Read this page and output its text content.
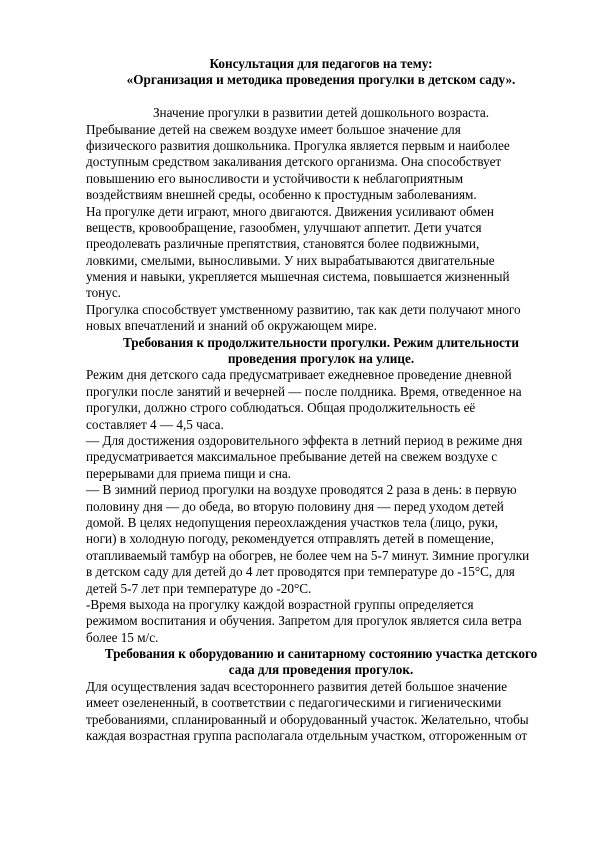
Консультация для педагогов на тему:
«Организация и методика проведения прогулки в детском саду».
Значение прогулки в развитии детей дошкольного возраста.
Пребывание детей на свежем воздухе имеет большое значение для
физического развития дошкольника. Прогулка является первым и наиболее
доступным средством закаливания детского организма. Она способствует
повышению его выносливости и устойчивости к неблагоприятным
воздействиям внешней среды, особенно к простудным заболеваниям.
На прогулке дети играют, много двигаются. Движения усиливают обмен
веществ, кровообращение, газообмен, улучшают аппетит. Дети учатся
преодолевать различные препятствия, становятся более подвижными,
ловкими, смелыми, выносливыми. У них вырабатываются двигательные
умения и навыки, укрепляется мышечная система, повышается жизненный
тонус.
Прогулка способствует умственному развитию, так как дети получают много
новых впечатлений и знаний об окружающем мире.
Требования к продолжительности прогулки. Режим длительности
проведения прогулок на улице.
Режим дня детского сада предусматривает ежедневное проведение дневной
прогулки после занятий и вечерней — после полдника. Время, отведенное на
прогулки, должно строго соблюдаться. Общая продолжительность её
составляет 4 — 4,5 часа.
— Для достижения оздоровительного эффекта в летний период в режиме дня
предусматривается максимальное пребывание детей на свежем воздухе с
перерывами для приема пищи и сна.
— В зимний период прогулки на воздухе проводятся 2 раза в день: в первую
половину дня — до обеда, во вторую половину дня — перед уходом детей
домой. В целях недопущения переохлаждения участков тела (лицо, руки,
ноги) в холодную погоду, рекомендуется отправлять детей в помещение,
отапливаемый тамбур на обогрев, не более чем на 5-7 минут. Зимние прогулки
в детском саду для детей до 4 лет проводятся при температуре до -15°C, для
детей 5-7 лет при температуре до -20°C.
-Время выхода на прогулку каждой возрастной группы определяется
режимом воспитания и обучения. Запретом для прогулок является сила ветра
более 15 м/с.
Требования к оборудованию и санитарному состоянию участка детского
сада для проведения прогулок.
Для осуществления задач всестороннего развития детей большое значение
имеет озелененный, в соответствии с педагогическими и гигиеническими
требованиями, спланированный и оборудованный участок. Желательно, чтобы
каждая возрастная группа располагала отдельным участком, отгороженным от
